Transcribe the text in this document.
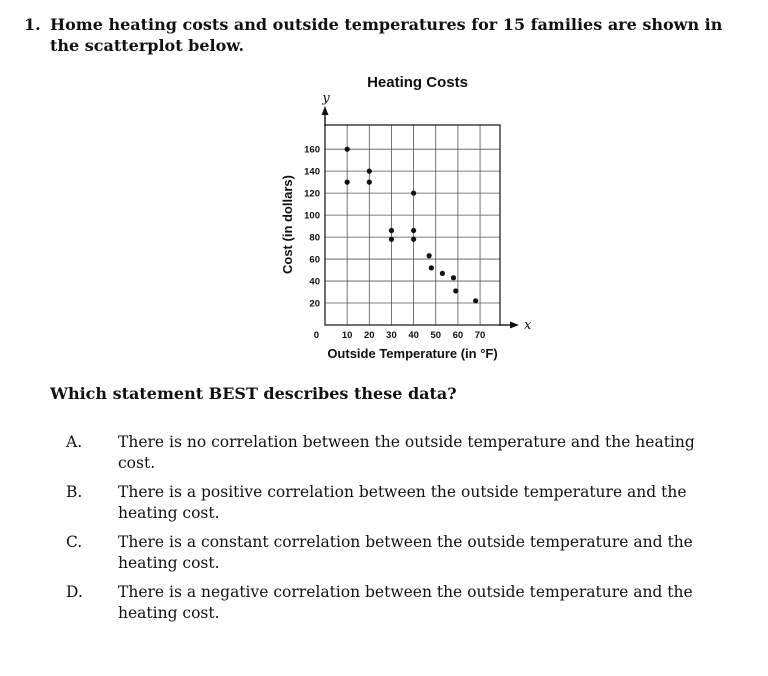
1. Home heating costs and outside temperatures for 15 families are shown in the scatterplot below.
Heating Costs
Cost (in dollars)
10 20 30 40 50 60 70
20
40
60
80
100
120
140
160
y
x
0
Outside Temperature (in °F)
Which statement BEST describes these data?
A.	There is no correlation between the outside temperature and the heating cost.
B.	There is a positive correlation between the outside temperature and the heating cost.
C.	There is a constant correlation between the outside temperature and the heating cost.
D.	There is a negative correlation between the outside temperature and the heating cost.
